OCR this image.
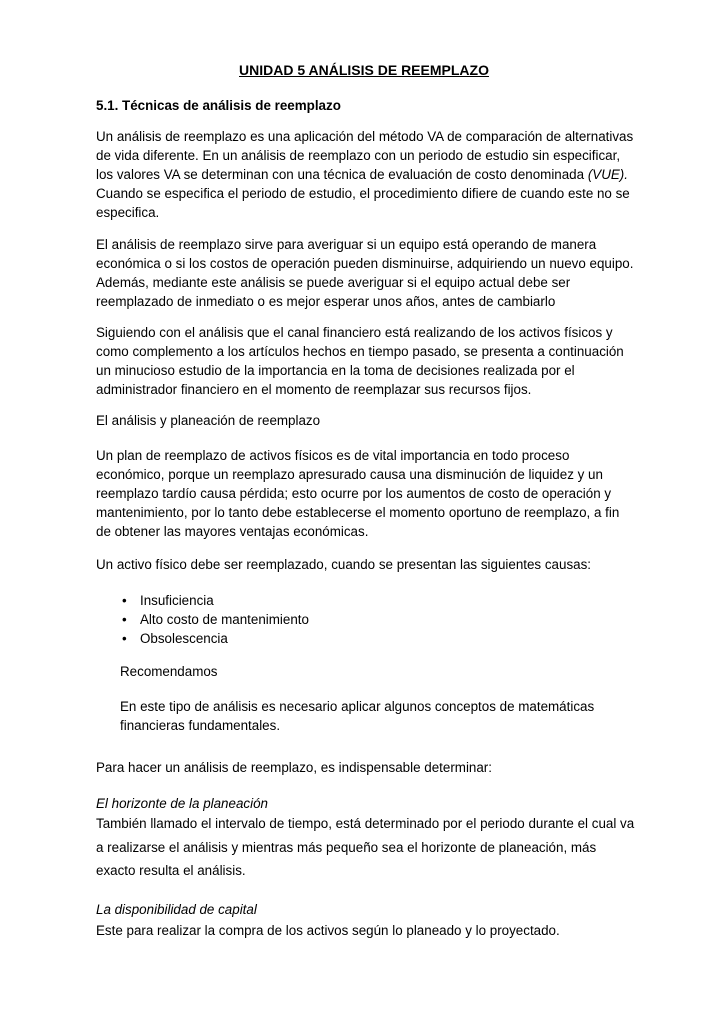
UNIDAD 5 ANÁLISIS DE REEMPLAZO

5.1. Técnicas de análisis de reemplazo

Un análisis de reemplazo es una aplicación del método VA de comparación de alternativas de vida diferente. En un análisis de reemplazo con un periodo de estudio sin especificar, los valores VA se determinan con una técnica de evaluación de costo denominada (VUE). Cuando se especifica el periodo de estudio, el procedimiento difiere de cuando este no se especifica.

El análisis de reemplazo sirve para averiguar si un equipo está operando de manera económica o si los costos de operación pueden disminuirse, adquiriendo un nuevo equipo. Además, mediante este análisis se puede averiguar si el equipo actual debe ser reemplazado de inmediato o es mejor esperar unos años, antes de cambiarlo

Siguiendo con el análisis que el canal financiero está realizando de los activos físicos y como complemento a los artículos hechos en tiempo pasado, se presenta a continuación un minucioso estudio de la importancia en la toma de decisiones realizada por el administrador financiero en el momento de reemplazar sus recursos fijos.

El análisis y planeación de reemplazo

Un plan de reemplazo de activos físicos es de vital importancia en todo proceso económico, porque un reemplazo apresurado causa una disminución de liquidez y un reemplazo tardío causa pérdida; esto ocurre por los aumentos de costo de operación y mantenimiento, por lo tanto debe establecerse el momento oportuno de reemplazo, a fin de obtener las mayores ventajas económicas.

Un activo físico debe ser reemplazado, cuando se presentan las siguientes causas:

• Insuficiencia
• Alto costo de mantenimiento
• Obsolescencia

Recomendamos

En este tipo de análisis es necesario aplicar algunos conceptos de matemáticas financieras fundamentales.

Para hacer un análisis de reemplazo, es indispensable determinar:

El horizonte de la planeación

También llamado el intervalo de tiempo, está determinado por el periodo durante el cual va a realizarse el análisis y mientras más pequeño sea el horizonte de planeación, más exacto resulta el análisis.

La disponibilidad de capital

Este para realizar la compra de los activos según lo planeado y lo proyectado.
